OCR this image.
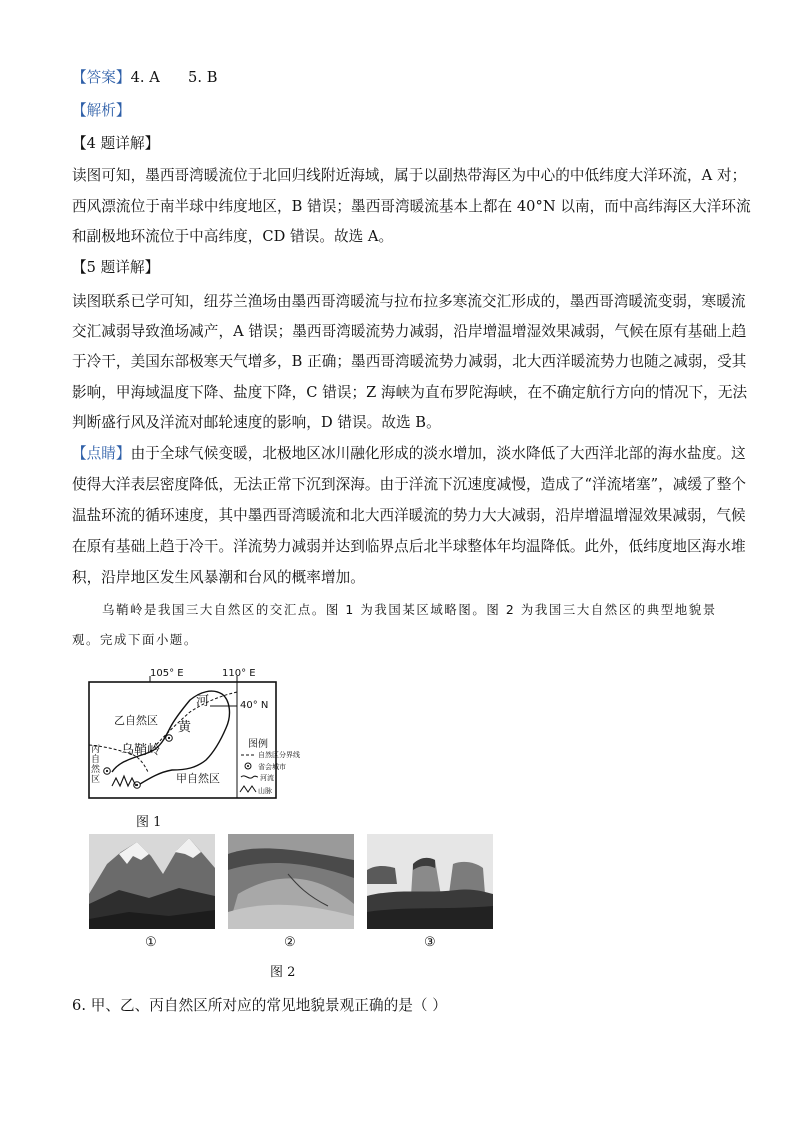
【答案】4. A      5. B
【解析】
【4 题详解】
读图可知，墨西哥湾暖流位于北回归线附近海域，属于以副热带海区为中心的中低纬度大洋环流，A 对；
西风漂流位于南半球中纬度地区，B 错误；墨西哥湾暖流基本上都在 40°N 以南，而中高纬海区大洋环流
和副极地环流位于中高纬度，CD 错误。故选 A。
【5 题详解】
读图联系已学可知，纽芬兰渔场由墨西哥湾暖流与拉布拉多寒流交汇形成的，墨西哥湾暖流变弱，寒暖流
交汇减弱导致渔场减产，A 错误；墨西哥湾暖流势力减弱，沿岸增温增湿效果减弱，气候在原有基础上趋
于冷干，美国东部极寒天气增多，B 正确；墨西哥湾暖流势力减弱，北大西洋暖流势力也随之减弱，受其
影响，甲海域温度下降、盐度下降，C 错误；Z 海峡为直布罗陀海峡，在不确定航行方向的情况下，无法
判断盛行风及洋流对邮轮速度的影响，D 错误。故选 B。
【点睛】由于全球气候变暖，北极地区冰川融化形成的淡水增加，淡水降低了大西洋北部的海水盐度。这
使得大洋表层密度降低，无法正常下沉到深海。由于洋流下沉速度减慢，造成了“洋流堵塞”，减缓了整个
温盐环流的循环速度，其中墨西哥湾暖流和北大西洋暖流的势力大大减弱，沿岸增温增湿效果减弱，气候
在原有基础上趋于冷干。洋流势力减弱并达到临界点后北半球整体年均温降低。此外，低纬度地区海水堆
积，沿岸地区发生风暴潮和台风的概率增加。
乌鞘岭是我国三大自然区的交汇点。图 1 为我国某区域略图。图 2 为我国三大自然区的典型地貌景
观。完成下面小题。
105° E	110° E
40° N
河
黄
乙自然区
甲自然区
乌鞘岭
丙
自
然
区
图例
自然区分界线
省会城市
河流
山脉
图 1
①	②	③
图 2
6. 甲、乙、丙自然区所对应的常见地貌景观正确的是（ ）
